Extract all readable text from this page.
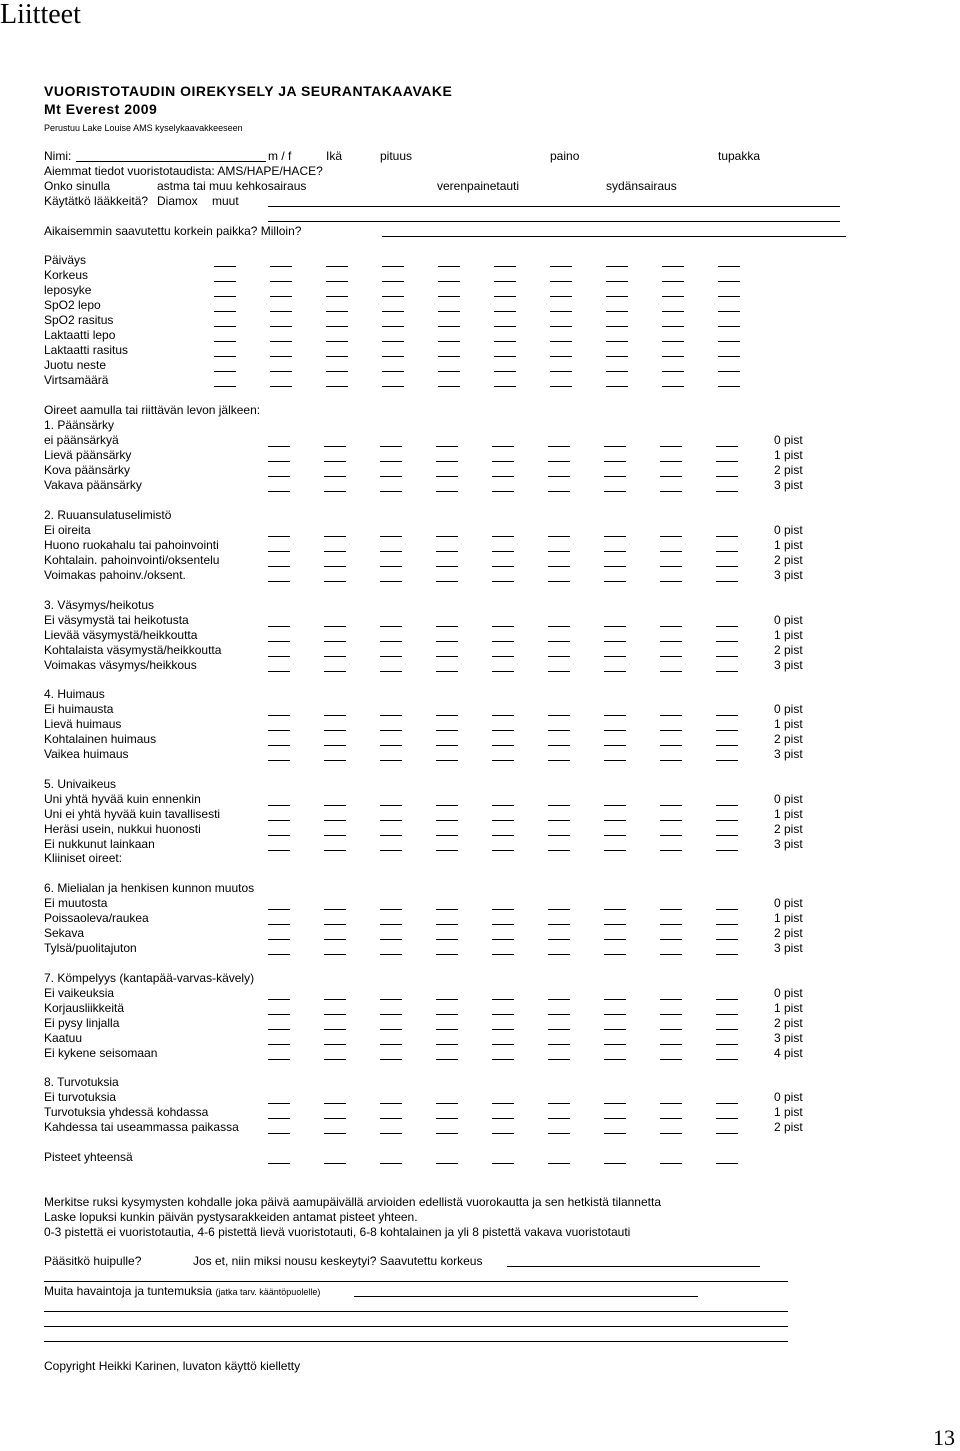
Liitteet
VUORISTOTAUDIN OIREKYSELY JA SEURANTAKAAVAKE
Mt Everest 2009
Perustuu Lake Louise AMS kyselykaavakkeeseen
Nimi:	m / f	Ikä	pituus	paino	tupakka
Aiemmat tiedot vuoristotaudista: AMS/HAPE/HACE?
Onko sinulla	astma tai muu kehkosairaus	verenpainetauti	sydänsairaus
Käytätkö lääkkeitä? Diamox muut
Aikaisemmin saavutettu korkein paikka? Milloin?
Päiväys
Korkeus
leposyke
SpO2 lepo
SpO2 rasitus
Laktaatti lepo
Laktaatti rasitus
Juotu neste
Virtsamäärä
Oireet aamulla tai riittävän levon jälkeen:
1. Päänsärky
ei päänsärkyä	0 pist
Lievä päänsärky	1 pist
Kova päänsärky	2 pist
Vakava päänsärky	3 pist
2. Ruuansulatuselimistö
Ei oireita	0 pist
Huono ruokahalu tai pahoinvointi	1 pist
Kohtalain. pahoinvointi/oksentelu	2 pist
Voimakas pahoinv./oksent.	3 pist
3. Väsymys/heikotus
Ei väsymystä tai heikotusta	0 pist
Lievää väsymystä/heikkoutta	1 pist
Kohtalaista väsymystä/heikkoutta	2 pist
Voimakas väsymys/heikkous	3 pist
4. Huimaus
Ei huimausta	0 pist
Lievä huimaus	1 pist
Kohtalainen huimaus	2 pist
Vaikea huimaus	3 pist
5. Univaikeus
Uni yhtä hyvää kuin ennenkin	0 pist
Uni ei yhtä hyvää kuin tavallisesti	1 pist
Heräsi usein, nukkui huonosti	2 pist
Ei nukkunut lainkaan	3 pist
Kliiniset oireet:
6. Mielialan ja henkisen kunnon muutos
Ei muutosta	0 pist
Poissaoleva/raukea	1 pist
Sekava	2 pist
Tylsä/puolitajuton	3 pist
7. Kömpelyys (kantapää-varvas-kävely)
Ei vaikeuksia	0 pist
Korjausliikkeitä	1 pist
Ei pysy linjalla	2 pist
Kaatuu	3 pist
Ei kykene seisomaan	4 pist
8. Turvotuksia
Ei turvotuksia	0 pist
Turvotuksia yhdessä kohdassa	1 pist
Kahdessa tai useammassa paikassa	2 pist
Pisteet yhteensä
Merkitse ruksi kysymysten kohdalle joka päivä aamupäivällä arvioiden edellistä vuorokautta ja sen hetkistä tilannetta
Laske lopuksi kunkin päivän pystysarakkeiden antamat pisteet yhteen.
0-3 pistettä ei vuoristotautia, 4-6 pistettä lievä vuoristotauti, 6-8 kohtalainen ja yli 8 pistettä vakava vuoristotauti
Pääsitkö huipulle?	Jos et, niin miksi nousu keskeytyi? Saavutettu korkeus
Muita havaintoja ja tuntemuksia (jatka tarv. kääntöpuolelle)
Copyright Heikki Karinen, luvaton käyttö kielletty
13
